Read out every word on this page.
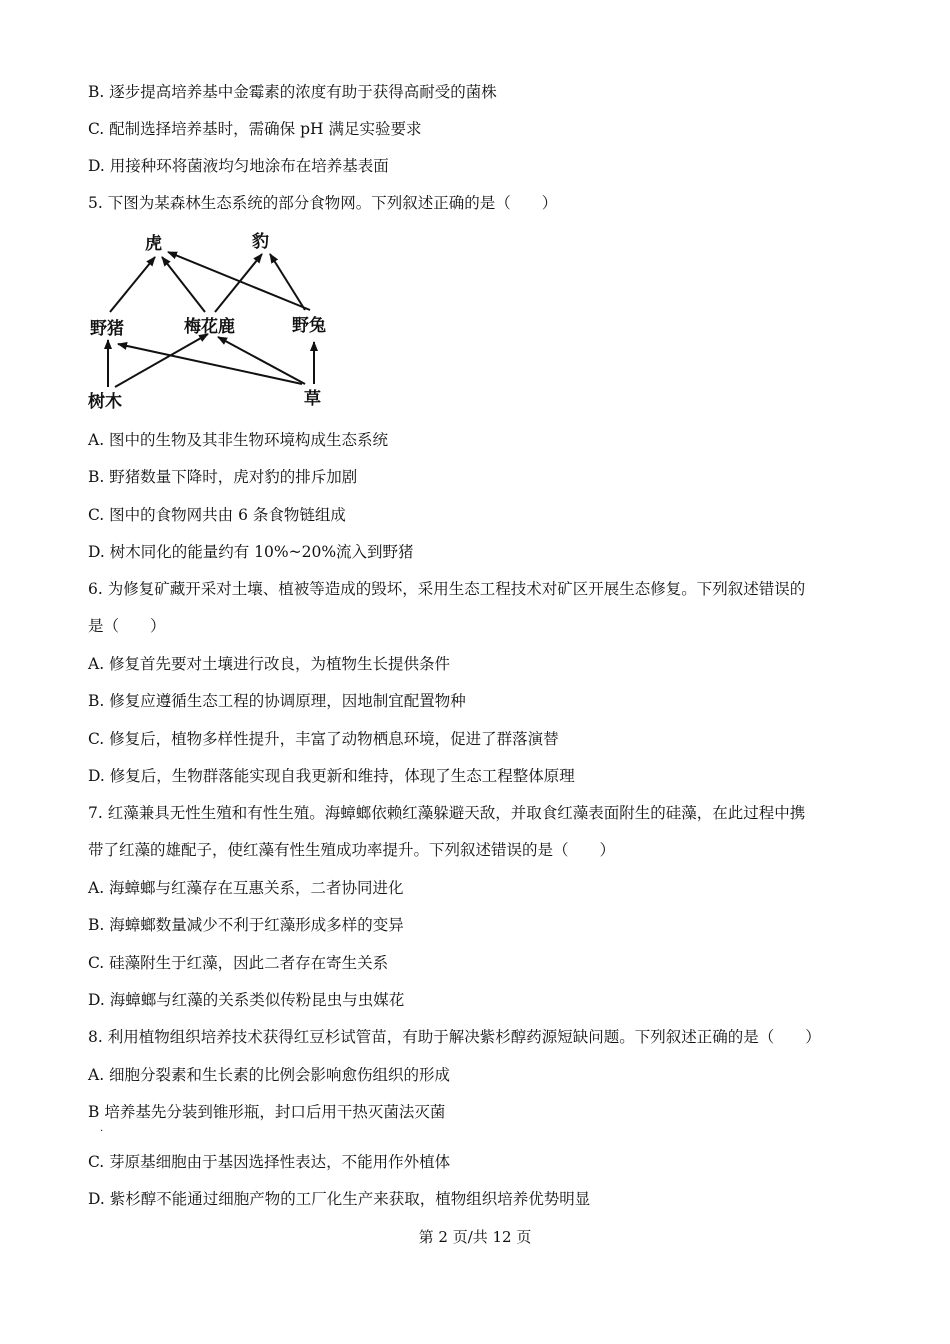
B. 逐步提高培养基中金霉素的浓度有助于获得高耐受的菌株
C. 配制选择培养基时，需确保 pH 满足实验要求
D. 用接种环将菌液均匀地涂布在培养基表面
5. 下图为某森林生态系统的部分食物网。下列叙述正确的是（　　）
虎	豹
野猪	梅花鹿	野兔
树木	草
A. 图中的生物及其非生物环境构成生态系统
B. 野猪数量下降时，虎对豹的排斥加剧
C. 图中的食物网共由 6 条食物链组成
D. 树木同化的能量约有 10%~20%流入到野猪
6. 为修复矿藏开采对土壤、植被等造成的毁坏，采用生态工程技术对矿区开展生态修复。下列叙述错误的
是（　　）
A. 修复首先要对土壤进行改良，为植物生长提供条件
B. 修复应遵循生态工程的协调原理，因地制宜配置物种
C. 修复后，植物多样性提升，丰富了动物栖息环境，促进了群落演替
D. 修复后，生物群落能实现自我更新和维持，体现了生态工程整体原理
7. 红藻兼具无性生殖和有性生殖。海蟑螂依赖红藻躲避天敌，并取食红藻表面附生的硅藻，在此过程中携
带了红藻的雄配子，使红藻有性生殖成功率提升。下列叙述错误的是（　　）
A. 海蟑螂与红藻存在互惠关系，二者协同进化
B. 海蟑螂数量减少不利于红藻形成多样的变异
C. 硅藻附生于红藻，因此二者存在寄生关系
D. 海蟑螂与红藻的关系类似传粉昆虫与虫媒花
8. 利用植物组织培养技术获得红豆杉试管苗，有助于解决紫杉醇药源短缺问题。下列叙述正确的是（　　）
A. 细胞分裂素和生长素的比例会影响愈伤组织的形成
B 培养基先分装到锥形瓶，封口后用干热灭菌法灭菌
·
C. 芽原基细胞由于基因选择性表达，不能用作外植体
D. 紫杉醇不能通过细胞产物的工厂化生产来获取，植物组织培养优势明显
第 2 页/共 12 页
